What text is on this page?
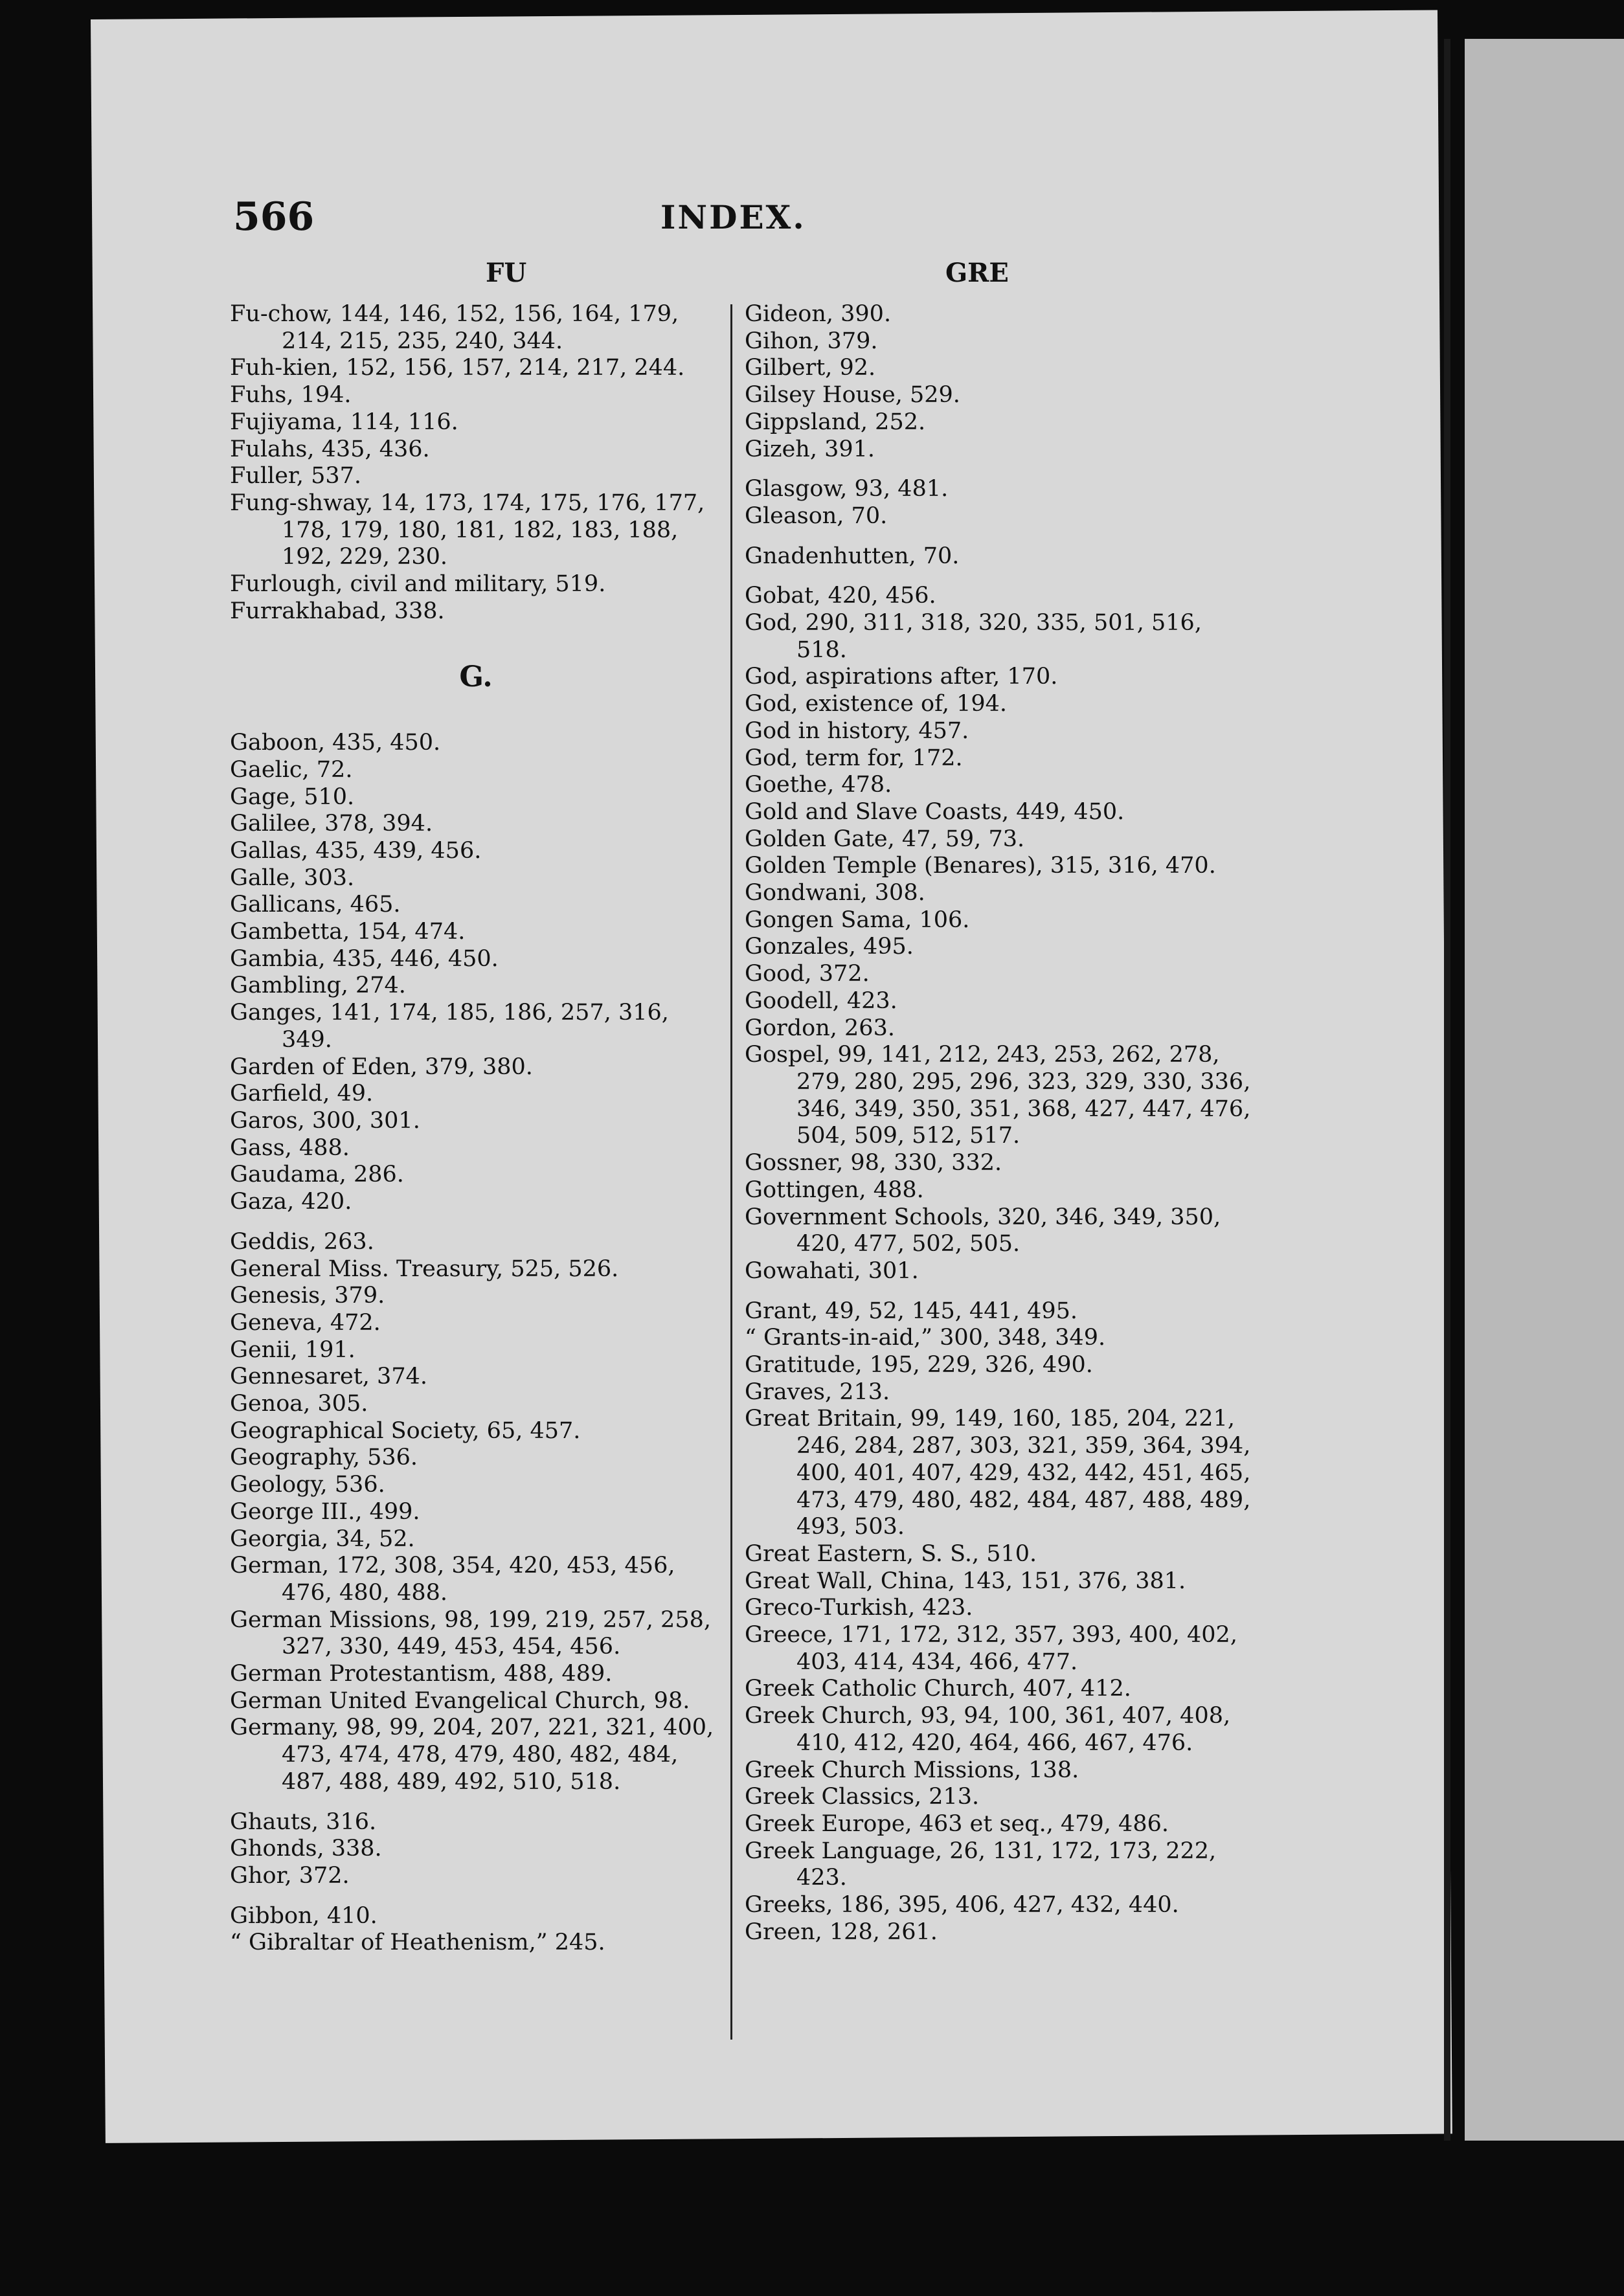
566	INDEX.
FU	GRE
Fu-chow, 144, 146, 152, 156, 164, 179, 214, 215, 235, 240, 344.
Fuh-kien, 152, 156, 157, 214, 217, 244.
Fuhs, 194.
Fujiyama, 114, 116.
Fulahs, 435, 436.
Fuller, 537.
Fung-shway, 14, 173, 174, 175, 176, 177, 178, 179, 180, 181, 182, 183, 188, 192, 229, 230.
Furlough, civil and military, 519.
Furrakhabad, 338.
G.
Gaboon, 435, 450.
Gaelic, 72.
Gage, 510.
Galilee, 378, 394.
Gallas, 435, 439, 456.
Galle, 303.
Gallicans, 465.
Gambetta, 154, 474.
Gambia, 435, 446, 450.
Gambling, 274.
Ganges, 141, 174, 185, 186, 257, 316, 349.
Garden of Eden, 379, 380.
Garfield, 49.
Garos, 300, 301.
Gass, 488.
Gaudama, 286.
Gaza, 420.
Geddis, 263.
General Miss. Treasury, 525, 526.
Genesis, 379.
Geneva, 472.
Genii, 191.
Gennesaret, 374.
Genoa, 305.
Geographical Society, 65, 457.
Geography, 536.
Geology, 536.
George III., 499.
Georgia, 34, 52.
German, 172, 308, 354, 420, 453, 456, 476, 480, 488.
German Missions, 98, 199, 219, 257, 258, 327, 330, 449, 453, 454, 456.
German Protestantism, 488, 489.
German United Evangelical Church, 98.
Germany, 98, 99, 204, 207, 221, 321, 400, 473, 474, 478, 479, 480, 482, 484, 487, 488, 489, 492, 510, 518.
Ghauts, 316.
Ghonds, 338.
Ghor, 372.
Gibbon, 410.
“ Gibraltar of Heathenism,” 245.
Gideon, 390.
Gihon, 379.
Gilbert, 92.
Gilsey House, 529.
Gippsland, 252.
Gizeh, 391.
Glasgow, 93, 481.
Gleason, 70.
Gnadenhutten, 70.
Gobat, 420, 456.
God, 290, 311, 318, 320, 335, 501, 516, 518.
God, aspirations after, 170.
God, existence of, 194.
God in history, 457.
God, term for, 172.
Goethe, 478.
Gold and Slave Coasts, 449, 450.
Golden Gate, 47, 59, 73.
Golden Temple (Benares), 315, 316, 470.
Gondwani, 308.
Gongen Sama, 106.
Gonzales, 495.
Good, 372.
Goodell, 423.
Gordon, 263.
Gospel, 99, 141, 212, 243, 253, 262, 278, 279, 280, 295, 296, 323, 329, 330, 336, 346, 349, 350, 351, 368, 427, 447, 476, 504, 509, 512, 517.
Gossner, 98, 330, 332.
Gottingen, 488.
Government Schools, 320, 346, 349, 350, 420, 477, 502, 505.
Gowahati, 301.
Grant, 49, 52, 145, 441, 495.
“ Grants-in-aid,” 300, 348, 349.
Gratitude, 195, 229, 326, 490.
Graves, 213.
Great Britain, 99, 149, 160, 185, 204, 221, 246, 284, 287, 303, 321, 359, 364, 394, 400, 401, 407, 429, 432, 442, 451, 465, 473, 479, 480, 482, 484, 487, 488, 489, 493, 503.
Great Eastern, S. S., 510.
Great Wall, China, 143, 151, 376, 381.
Greco-Turkish, 423.
Greece, 171, 172, 312, 357, 393, 400, 402, 403, 414, 434, 466, 477.
Greek Catholic Church, 407, 412.
Greek Church, 93, 94, 100, 361, 407, 408, 410, 412, 420, 464, 466, 467, 476.
Greek Church Missions, 138.
Greek Classics, 213.
Greek Europe, 463 et seq., 479, 486.
Greek Language, 26, 131, 172, 173, 222, 423.
Greeks, 186, 395, 406, 427, 432, 440.
Green, 128, 261.
